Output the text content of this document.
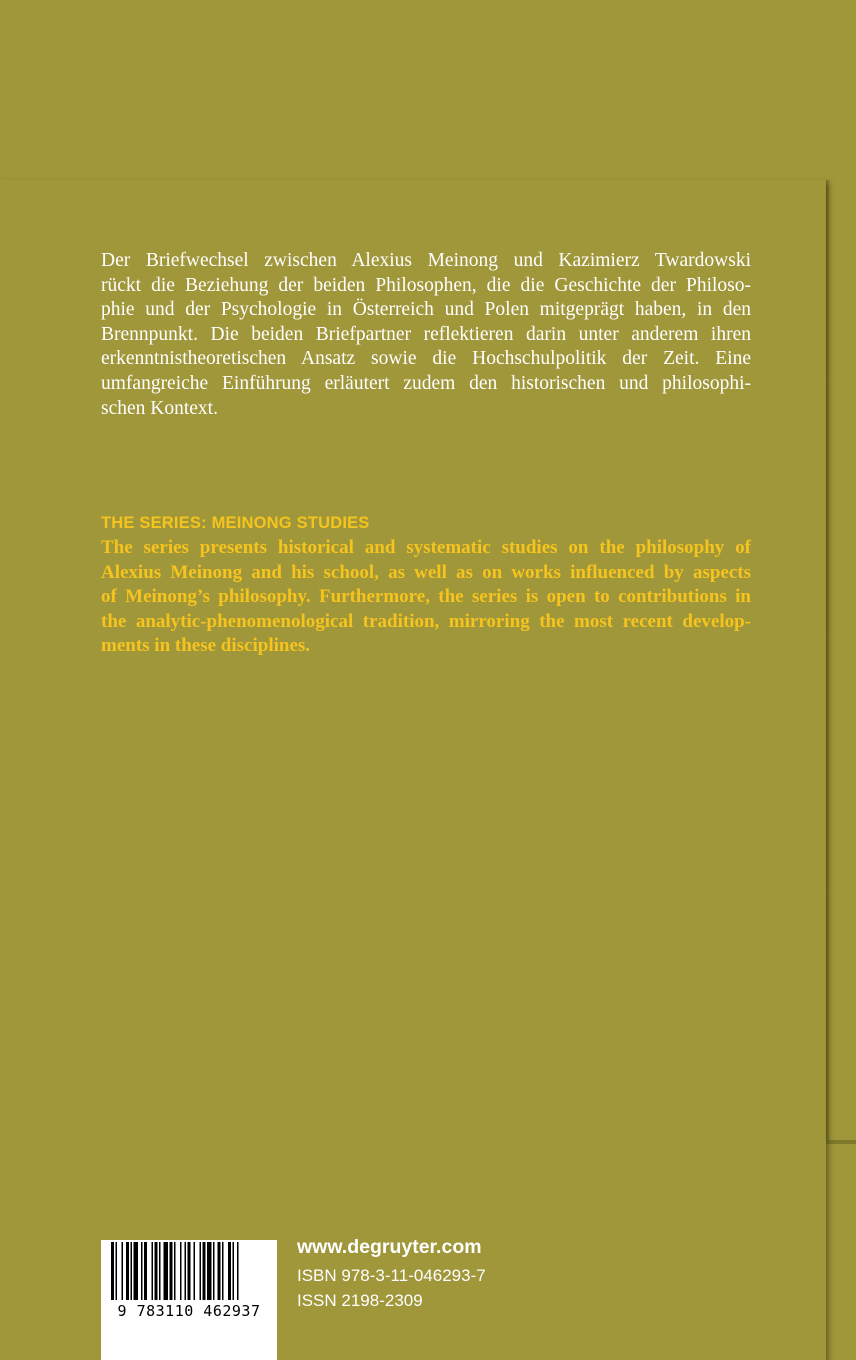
Der Briefwechsel zwischen Alexius Meinong und Kazimierz Twardowski
rückt die Beziehung der beiden Philosophen, die die Geschichte der Philoso-
phie und der Psychologie in Österreich und Polen mitgeprägt haben, in den
Brennpunkt. Die beiden Briefpartner reflektieren darin unter anderem ihren
erkenntnistheoretischen Ansatz sowie die Hochschulpolitik der Zeit. Eine
umfangreiche Einführung erläutert zudem den historischen und philosophi-
schen Kontext.
THE SERIES: MEINONG STUDIES
The series presents historical and systematic studies on the philosophy of
Alexius Meinong and his school, as well as on works influenced by aspects
of Meinong’s philosophy. Furthermore, the series is open to contributions in
the analytic-phenomenological tradition, mirroring the most recent develop-
ments in these disciplines.
9 783110 462937
www.degruyter.com
ISBN 978-3-11-046293-7
ISSN 2198-2309
